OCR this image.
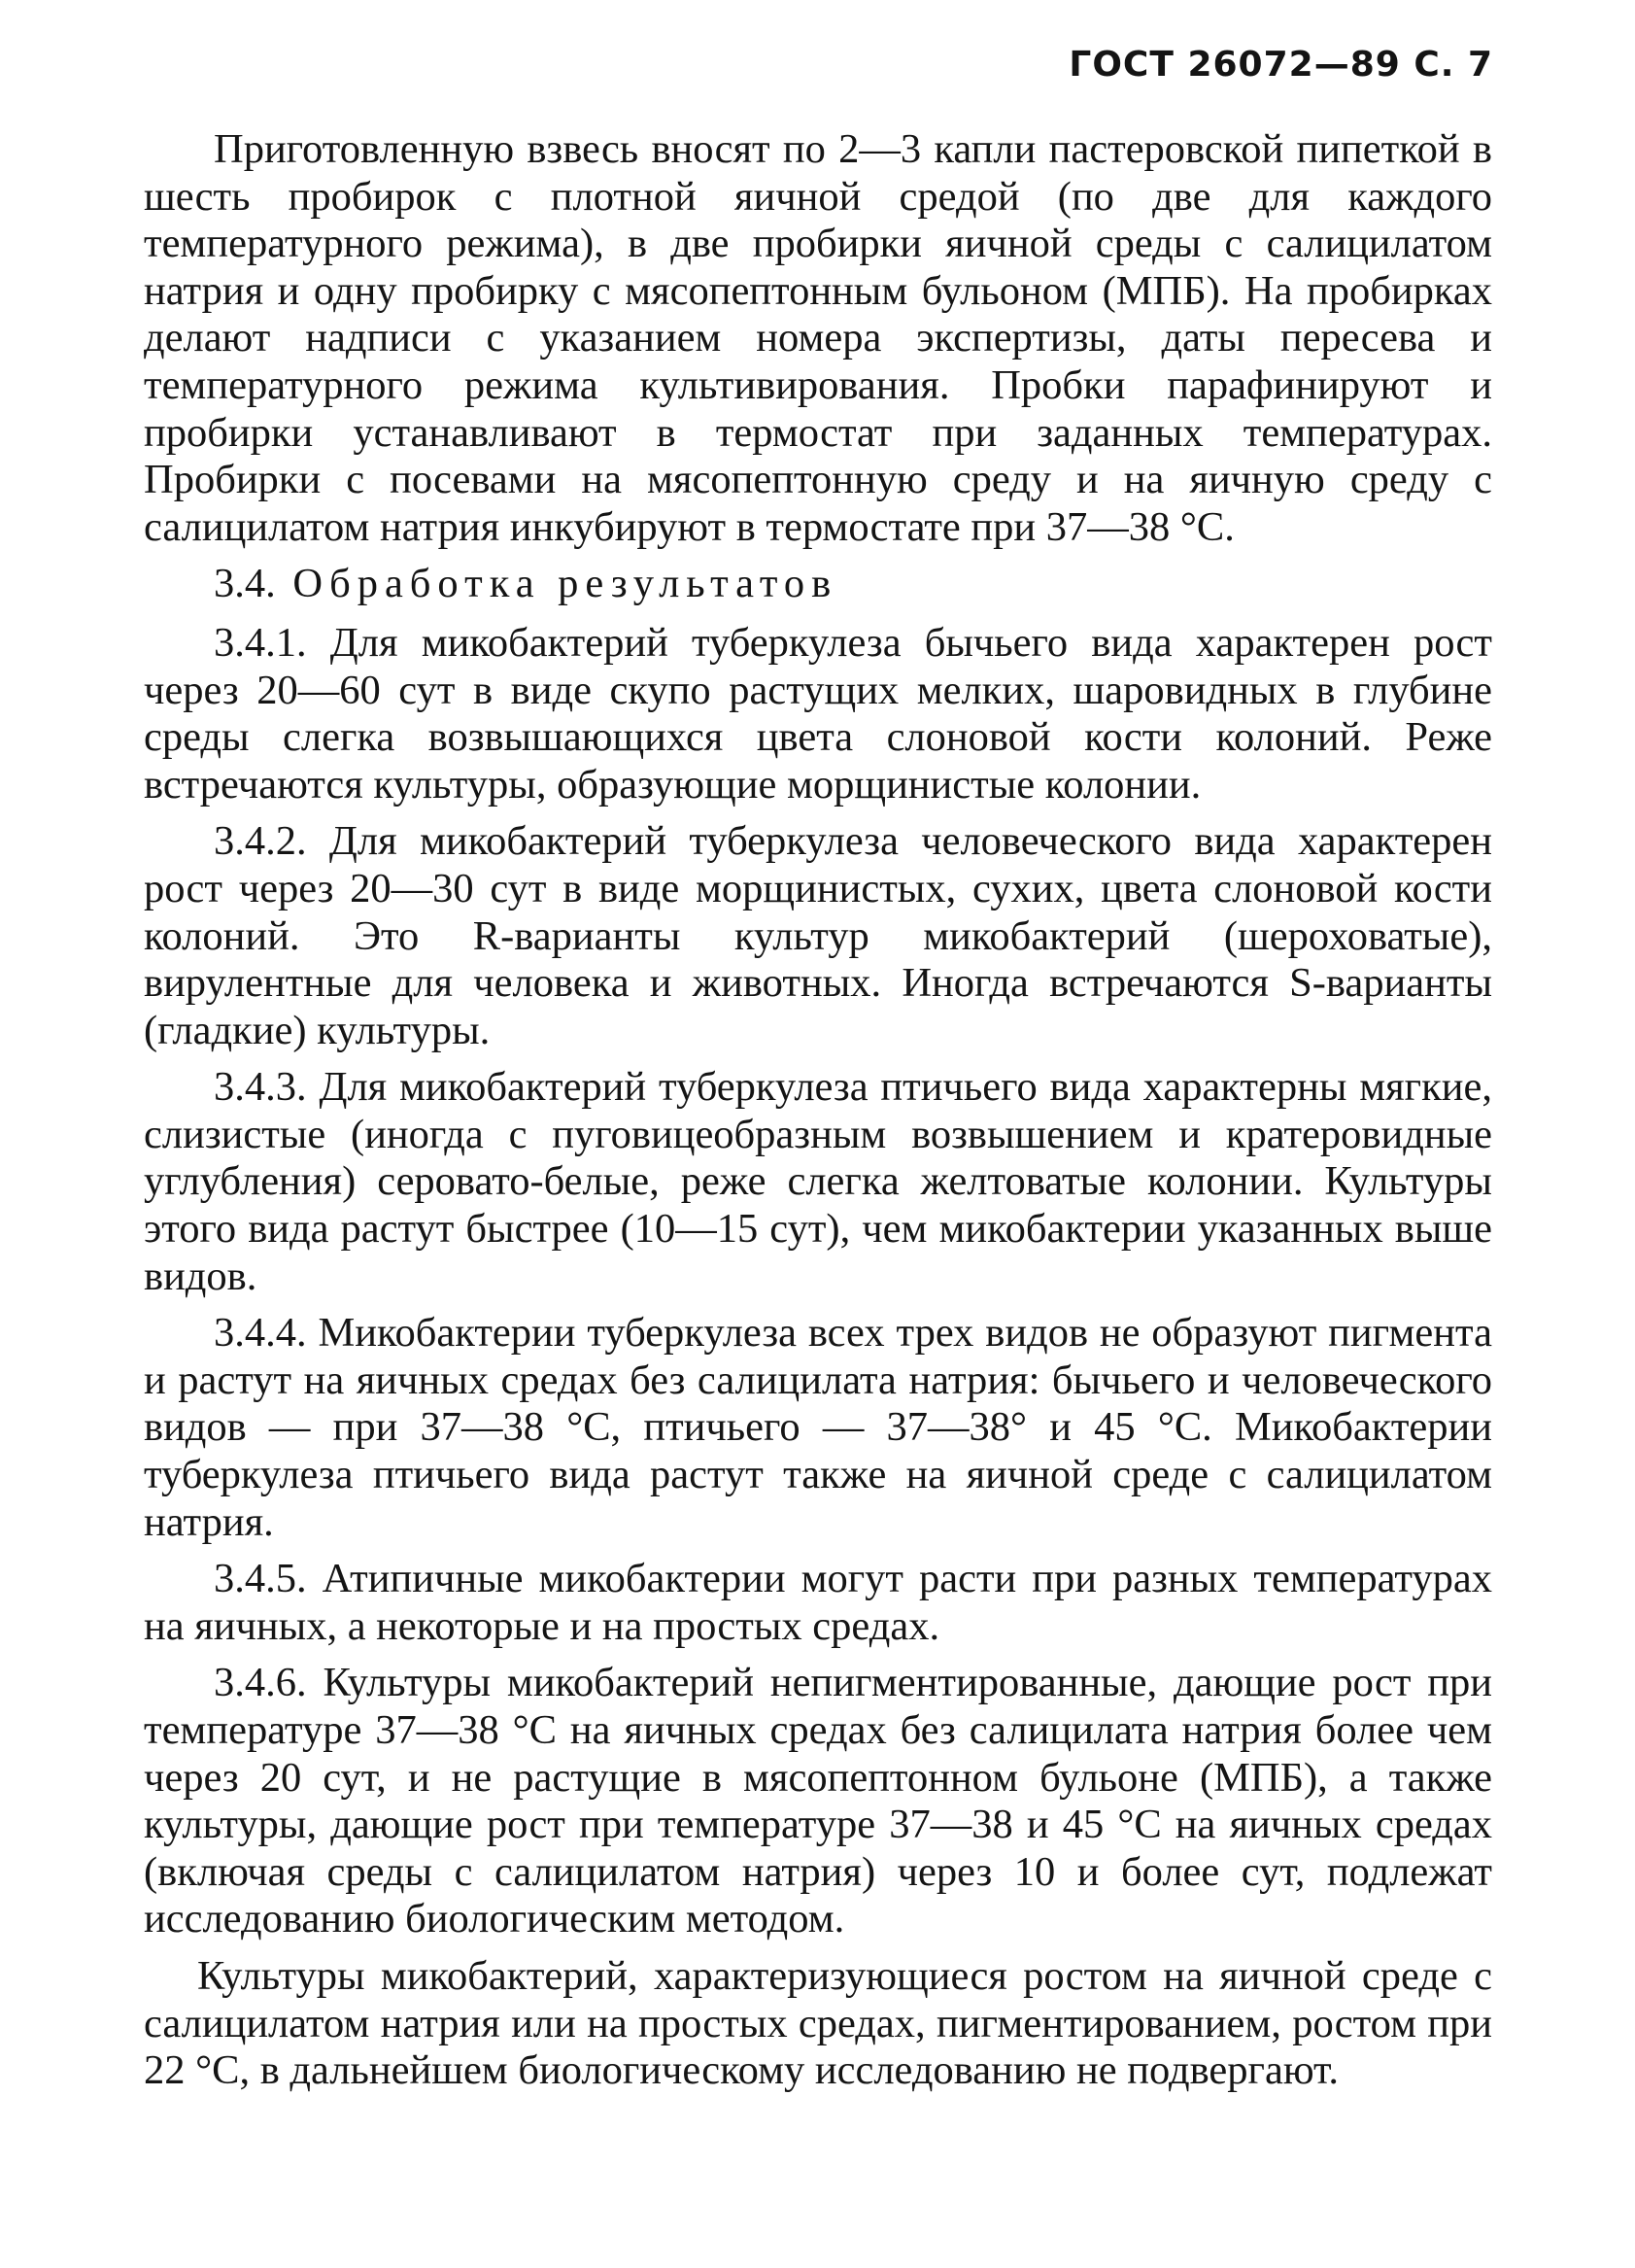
ГОСТ 26072—89 С. 7

Приготовленную взвесь вносят по 2—3 капли пастеровской пипеткой в шесть пробирок с плотной яичной средой (по две для каждого температурного режима), в две пробирки яичной среды с салицилатом натрия и одну пробирку с мясопептонным бульоном (МПБ). На пробирках делают надписи с указанием номера экспертизы, даты пересева и температурного режима культивирования. Пробки парафинируют и пробирки устанавливают в термостат при заданных температурах. Пробирки с посевами на мясопептонную среду и на яичную среду с салицилатом натрия инкубируют в термостате при 37—38 °С.

3.4. Обработка результатов

3.4.1. Для микобактерий туберкулеза бычьего вида характерен рост через 20—60 сут в виде скупо растущих мелких, шаровидных в глубине среды слегка возвышающихся цвета слоновой кости колоний. Реже встречаются культуры, образующие морщинистые колонии.

3.4.2. Для микобактерий туберкулеза человеческого вида характерен рост через 20—30 сут в виде морщинистых, сухих, цвета слоновой кости колоний. Это R-варианты культур микобактерий (шероховатые), вирулентные для человека и животных. Иногда встречаются S-варианты (гладкие) культуры.

3.4.3. Для микобактерий туберкулеза птичьего вида характерны мягкие, слизистые (иногда с пуговицеобразным возвышением и кратеровидные углубления) серовато-белые, реже слегка желтоватые колонии. Культуры этого вида растут быстрее (10—15 сут), чем микобактерии указанных выше видов.

3.4.4. Микобактерии туберкулеза всех трех видов не образуют пигмента и растут на яичных средах без салицилата натрия: бычьего и человеческого видов — при 37—38 °С, птичьего — 37—38° и 45 °С. Микобактерии туберкулеза птичьего вида растут также на яичной среде с салицилатом натрия.

3.4.5. Атипичные микобактерии могут расти при разных температурах на яичных, а некоторые и на простых средах.

3.4.6. Культуры микобактерий непигментированные, дающие рост при температуре 37—38 °С на яичных средах без салицилата натрия более чем через 20 сут, и не растущие в мясопептонном бульоне (МПБ), а также культуры, дающие рост при температуре 37—38 и 45 °С на яичных средах (включая среды с салицилатом натрия) через 10 и более сут, подлежат исследованию биологическим методом.

Культуры микобактерий, характеризующиеся ростом на яичной среде с салицилатом натрия или на простых средах, пигментированием, ростом при 22 °С, в дальнейшем биологическому исследованию не подвергают.
